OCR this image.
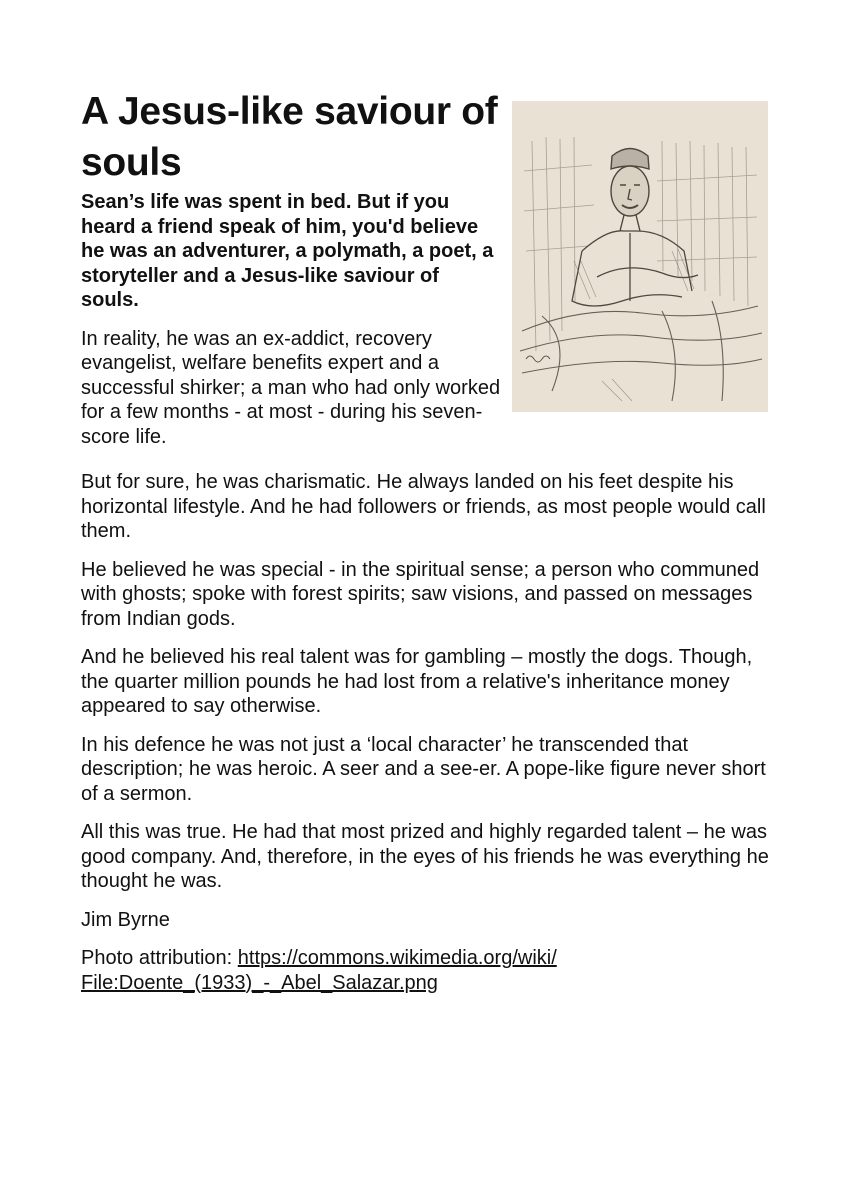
A Jesus-like saviour of souls

Sean’s life was spent in bed. But if you heard a friend speak of him, you'd believe he was an adventurer, a polymath, a poet, a storyteller and a Jesus-like saviour of souls.

In reality, he was an ex-addict, recovery evangelist, welfare benefits expert and a successful shirker; a man who had only worked for a few months - at most - during his seven-score life.

But for sure, he was charismatic. He always landed on his feet despite his horizontal lifestyle. And he had followers or friends, as most people would call them.

He believed he was special - in the spiritual sense; a person who communed with ghosts; spoke with forest spirits; saw visions, and passed on messages from Indian gods.

And he believed his real talent was for gambling – mostly the dogs. Though, the quarter million pounds he had lost from a relative's inheritance money appeared to say otherwise.

In his defence he was not just a ‘local character’ he transcended that description; he was heroic. A seer and a see-er. A pope-like figure never short of a sermon.

All this was true. He had that most prized and highly regarded talent – he was good company. And, therefore, in the eyes of his friends he was everything he thought he was.

Jim Byrne

Photo attribution: https://commons.wikimedia.org/wiki/
File:Doente_(1933)_-_Abel_Salazar.png
